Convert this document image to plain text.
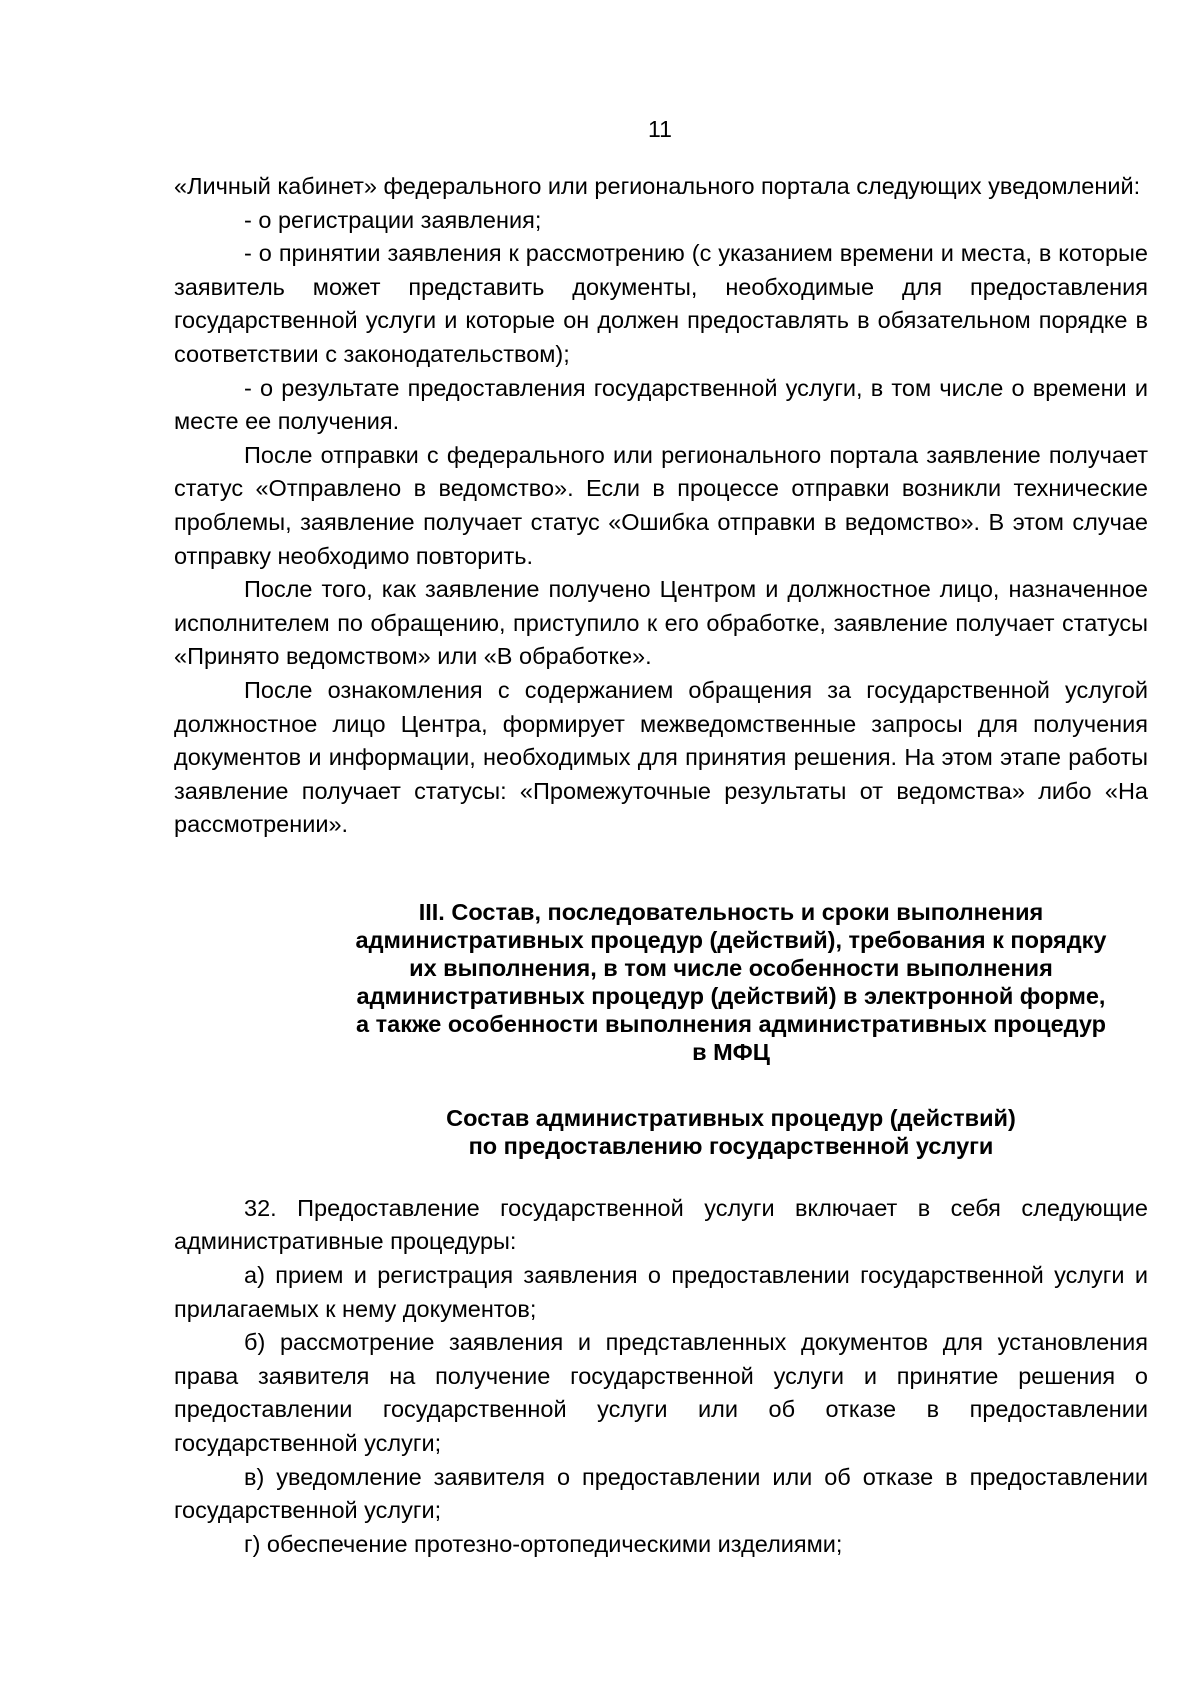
11

«Личный кабинет» федерального или регионального портала следующих уведомлений:

- о регистрации заявления;

- о принятии заявления к рассмотрению (с указанием времени и места, в которые заявитель может представить документы, необходимые для предоставления государственной услуги и которые он должен предоставлять в обязательном порядке в соответствии с законодательством);

- о результате предоставления государственной услуги, в том числе о времени и месте ее получения.

После отправки с федерального или регионального портала заявление получает статус «Отправлено в ведомство». Если в процессе отправки возникли технические проблемы, заявление получает статус «Ошибка отправки в ведомство». В этом случае отправку необходимо повторить.

После того, как заявление получено Центром и должностное лицо, назначенное исполнителем по обращению, приступило к его обработке, заявление получает статусы «Принято ведомством» или «В обработке».

После ознакомления с содержанием обращения за государственной услугой должностное лицо Центра, формирует межведомственные запросы для получения документов и информации, необходимых для принятия решения. На этом этапе работы заявление получает статусы: «Промежуточные результаты от ведомства» либо «На рассмотрении».

III. Состав, последовательность и сроки выполнения
административных процедур (действий), требования к порядку
их выполнения, в том числе особенности выполнения
административных процедур (действий) в электронной форме,
а также особенности выполнения административных процедур
в МФЦ
Состав административных процедур (действий)
по предоставлению государственной услуги

32. Предоставление государственной услуги включает в себя следующие административные процедуры:

а) прием и регистрация заявления о предоставлении государственной услуги и прилагаемых к нему документов;

б) рассмотрение заявления и представленных документов для установления права заявителя на получение государственной услуги и принятие решения о предоставлении государственной услуги или об отказе в предоставлении государственной услуги;

в) уведомление заявителя о предоставлении или об отказе в предоставлении государственной услуги;

г) обеспечение протезно-ортопедическими изделиями;
